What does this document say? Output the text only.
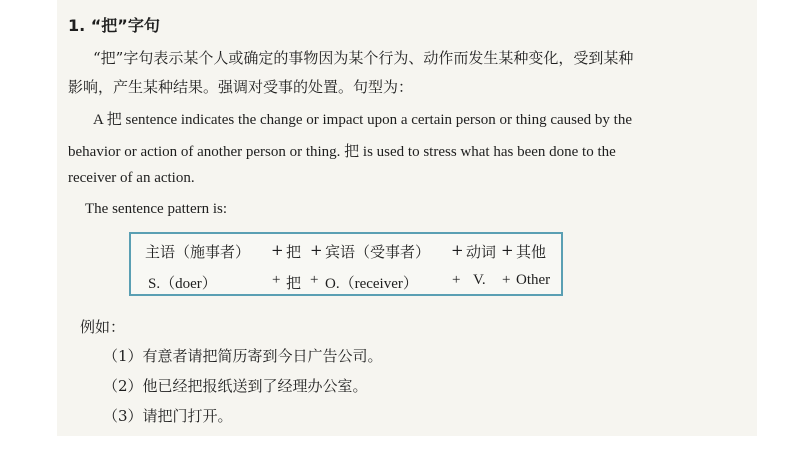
1. “把”字句
“把”字句表示某个人或确定的事物因为某个行为、动作而发生某种变化，受到某种
影响，产生某种结果。强调对受事的处置。句型为：
A 把 sentence indicates the change or impact upon a certain person or thing caused by the
behavior or action of another person or thing. 把 is used to stress what has been done to the
receiver of an action.
The sentence pattern is:
主语（施事者） + 把 + 宾语（受事者） + 动词 + 其他
S.（doer）	+ 把 + O.（receiver） + V. + Other
例如：
（1）有意者请把简历寄到今日广告公司。
（2）他已经把报纸送到了经理办公室。
（3）请把门打开。
